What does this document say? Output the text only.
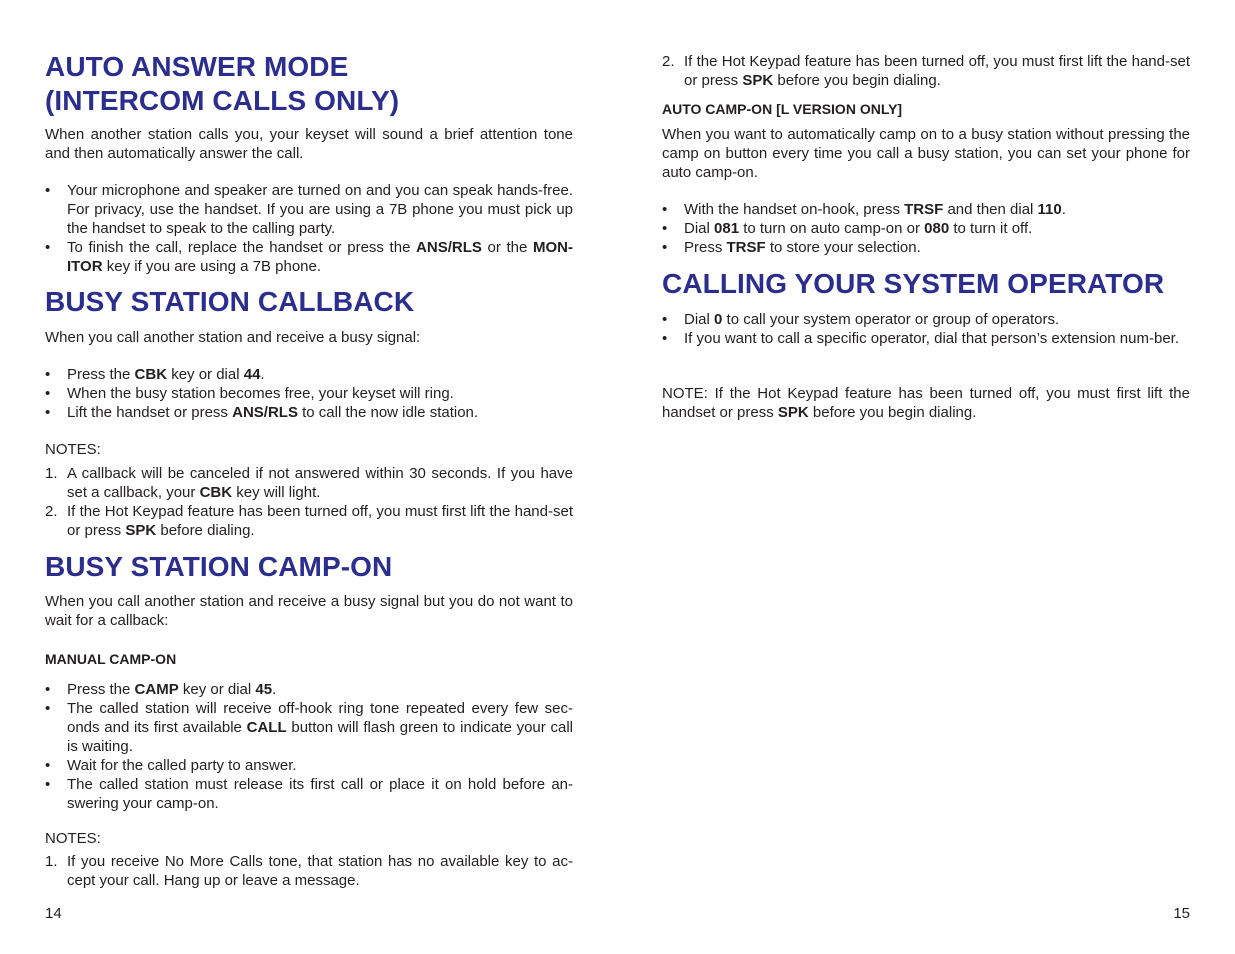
AUTO ANSWER MODE
(INTERCOM CALLS ONLY)

When another station calls you, your keyset will sound a brief attention tone and then automatically answer the call.

• Your microphone and speaker are turned on and you can speak hands-free. For privacy, use the handset. If you are using a 7B phone you must pick up the handset to speak to the calling party.
• To finish the call, replace the handset or press the ANS/RLS or the MON-ITOR key if you are using a 7B phone.
BUSY STATION CALLBACK

When you call another station and receive a busy signal:

• Press the CBK key or dial 44.
• When the busy station becomes free, your keyset will ring.
• Lift the handset or press ANS/RLS to call the now idle station.

NOTES:

1. A callback will be canceled if not answered within 30 seconds. If you have set a callback, your CBK key will light.
2. If the Hot Keypad feature has been turned off, you must first lift the hand-set or press SPK before dialing.
BUSY STATION CAMP-ON

When you call another station and receive a busy signal but you do not want to wait for a callback:

MANUAL CAMP-ON

• Press the CAMP key or dial 45.
• The called station will receive off-hook ring tone repeated every few sec-onds and its first available CALL button will flash green to indicate your call is waiting.
• Wait for the called party to answer.
• The called station must release its first call or place it on hold before an-swering your camp-on.

NOTES:

1. If you receive No More Calls tone, that station has no available key to ac-cept your call. Hang up or leave a message.
14
2. If the Hot Keypad feature has been turned off, you must first lift the hand-set or press SPK before you begin dialing.

AUTO CAMP-ON [L VERSION ONLY]

When you want to automatically camp on to a busy station without pressing the camp on button every time you call a busy station, you can set your phone for auto camp-on.

• With the handset on-hook, press TRSF and then dial 110.
• Dial 081 to turn on auto camp-on or 080 to turn it off.
• Press TRSF to store your selection.
CALLING YOUR SYSTEM OPERATOR
• Dial 0 to call your system operator or group of operators.
• If you want to call a specific operator, dial that person’s extension num-ber.

NOTE: If the Hot Keypad feature has been turned off, you must first lift the handset or press SPK before you begin dialing.

15
